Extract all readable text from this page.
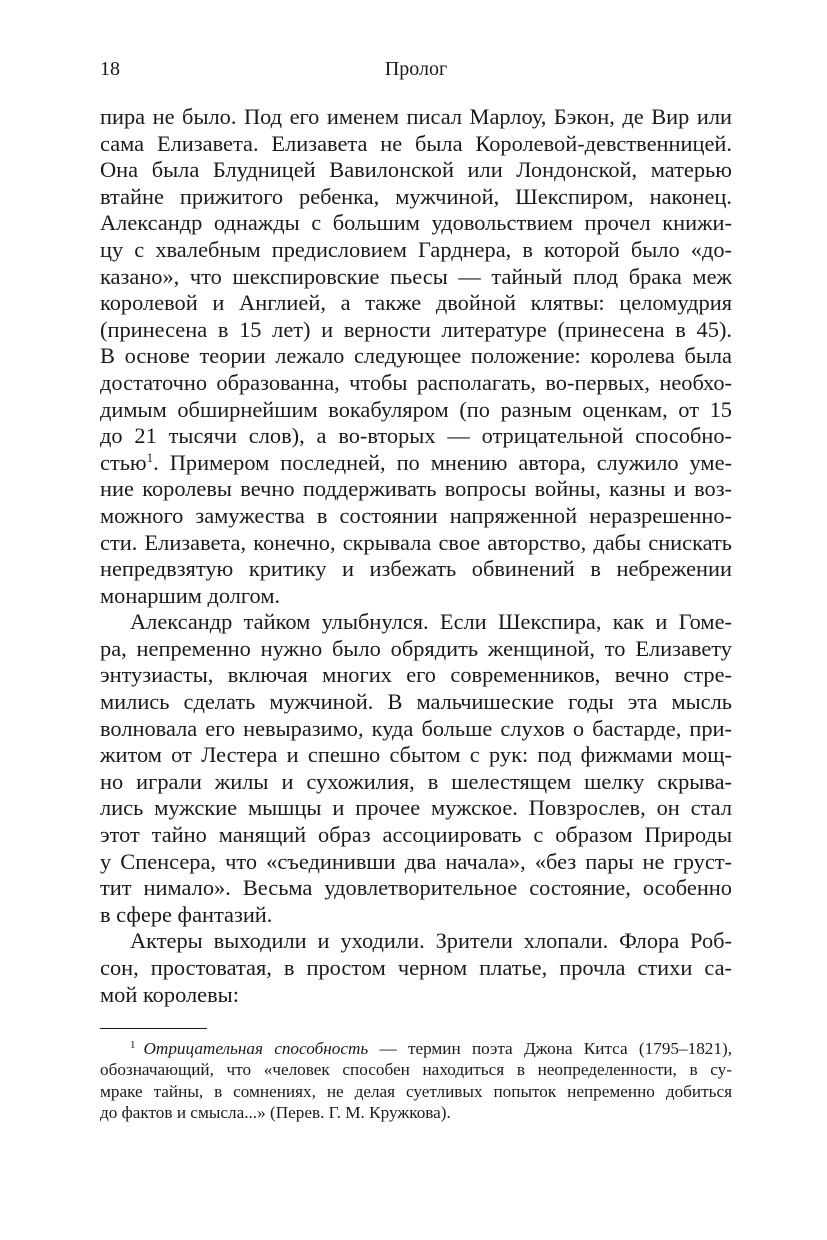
18	Пролог
пира не было. Под его именем писал Марлоу, Бэкон, де Вир или
сама Елизавета. Елизавета не была Королевой-девственницей.
Она была Блудницей Вавилонской или Лондонской, матерью
втайне прижитого ребенка, мужчиной, Шекспиром, наконец.
Александр однажды с большим удовольствием прочел книжи-
цу с хвалебным предисловием Гарднера, в которой было «до-
казано», что шекспировские пьесы — тайный плод брака меж
королевой и Англией, а также двойной клятвы: целомудрия
(принесена в 15 лет) и верности литературе (принесена в 45).
В основе теории лежало следующее положение: королева была
достаточно образованна, чтобы располагать, во-первых, необхо-
димым обширнейшим вокабуляром (по разным оценкам, от 15
до 21 тысячи слов), а во-вторых — отрицательной способно-
стью$^1$. Примером последней, по мнению автора, служило уме-
ние королевы вечно поддерживать вопросы войны, казны и воз-
можного замужества в состоянии напряженной неразрешенно-
сти. Елизавета, конечно, скрывала свое авторство, дабы снискать
непредвзятую критику и избежать обвинений в небрежении
монаршим долгом.
Александр тайком улыбнулся. Если Шекспира, как и Гоме-
ра, непременно нужно было обрядить женщиной, то Елизавету
энтузиасты, включая многих его современников, вечно стре-
мились сделать мужчиной. В мальчишеские годы эта мысль
волновала его невыразимо, куда больше слухов о бастарде, при-
житом от Лестера и спешно сбытом с рук: под фижмами мощ-
но играли жилы и сухожилия, в шелестящем шелку скрыва-
лись мужские мышцы и прочее мужское. Повзрослев, он стал
этот тайно манящий образ ассоциировать с образом Природы
у Спенсера, что «съединивши два начала», «без пары не груст-
тит нимало». Весьма удовлетворительное состояние, особенно
в сфере фантазий.
Актеры выходили и уходили. Зрители хлопали. Флора Роб-
сон, простоватая, в простом черном платье, прочла стихи са-
мой королевы:
$^1$ Отрицательная способность — термин поэта Джона Китса (1795–1821),
обозначающий, что «человек способен находиться в неопределенности, в су-
мраке тайны, в сомнениях, не делая суетливых попыток непременно добиться
до фактов и смысла...» (Перев. Г. М. Кружкова).
